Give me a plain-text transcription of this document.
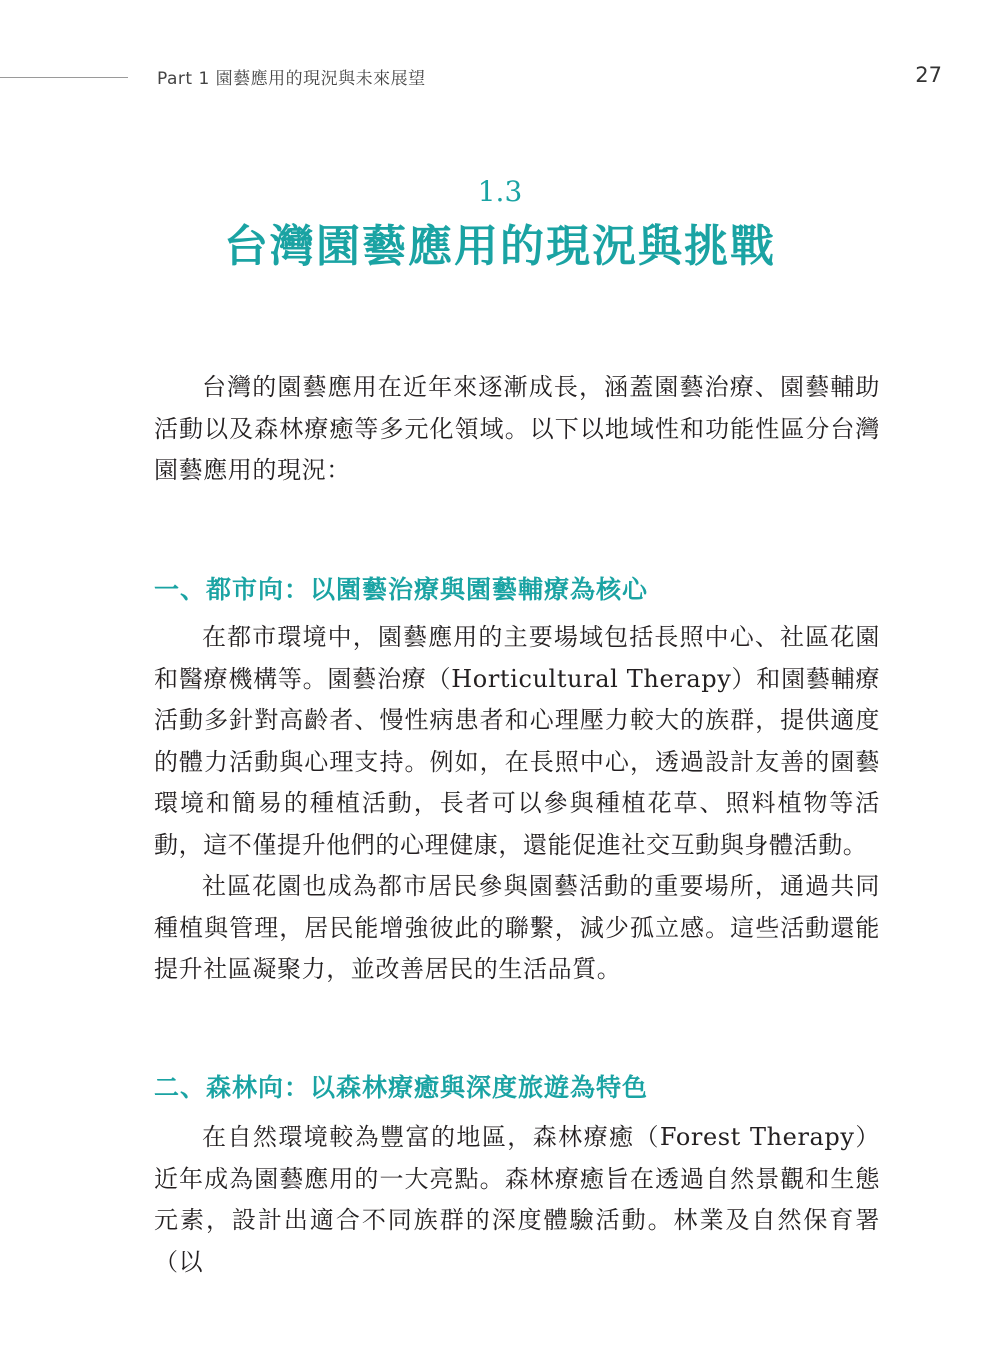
Part 1 園藝應用的現況與未來展望	27
1.3
台灣園藝應用的現況與挑戰

台灣的園藝應用在近年來逐漸成長，涵蓋園藝治療、園藝輔助活動以及森林療癒等多元化領域。以下以地域性和功能性區分台灣園藝應用的現況：

一、都市向：以園藝治療與園藝輔療為核心

在都市環境中，園藝應用的主要場域包括長照中心、社區花園和醫療機構等。園藝治療（Horticultural Therapy）和園藝輔療活動多針對高齡者、慢性病患者和心理壓力較大的族群，提供適度的體力活動與心理支持。例如，在長照中心，透過設計友善的園藝環境和簡易的種植活動，長者可以參與種植花草、照料植物等活動，這不僅提升他們的心理健康，還能促進社交互動與身體活動。

社區花園也成為都市居民參與園藝活動的重要場所，通過共同種植與管理，居民能增強彼此的聯繫，減少孤立感。這些活動還能提升社區凝聚力，並改善居民的生活品質。

二、森林向：以森林療癒與深度旅遊為特色

在自然環境較為豐富的地區，森林療癒（Forest Therapy）近年成為園藝應用的一大亮點。森林療癒旨在透過自然景觀和生態元素，設計出適合不同族群的深度體驗活動。林業及自然保育署（以
